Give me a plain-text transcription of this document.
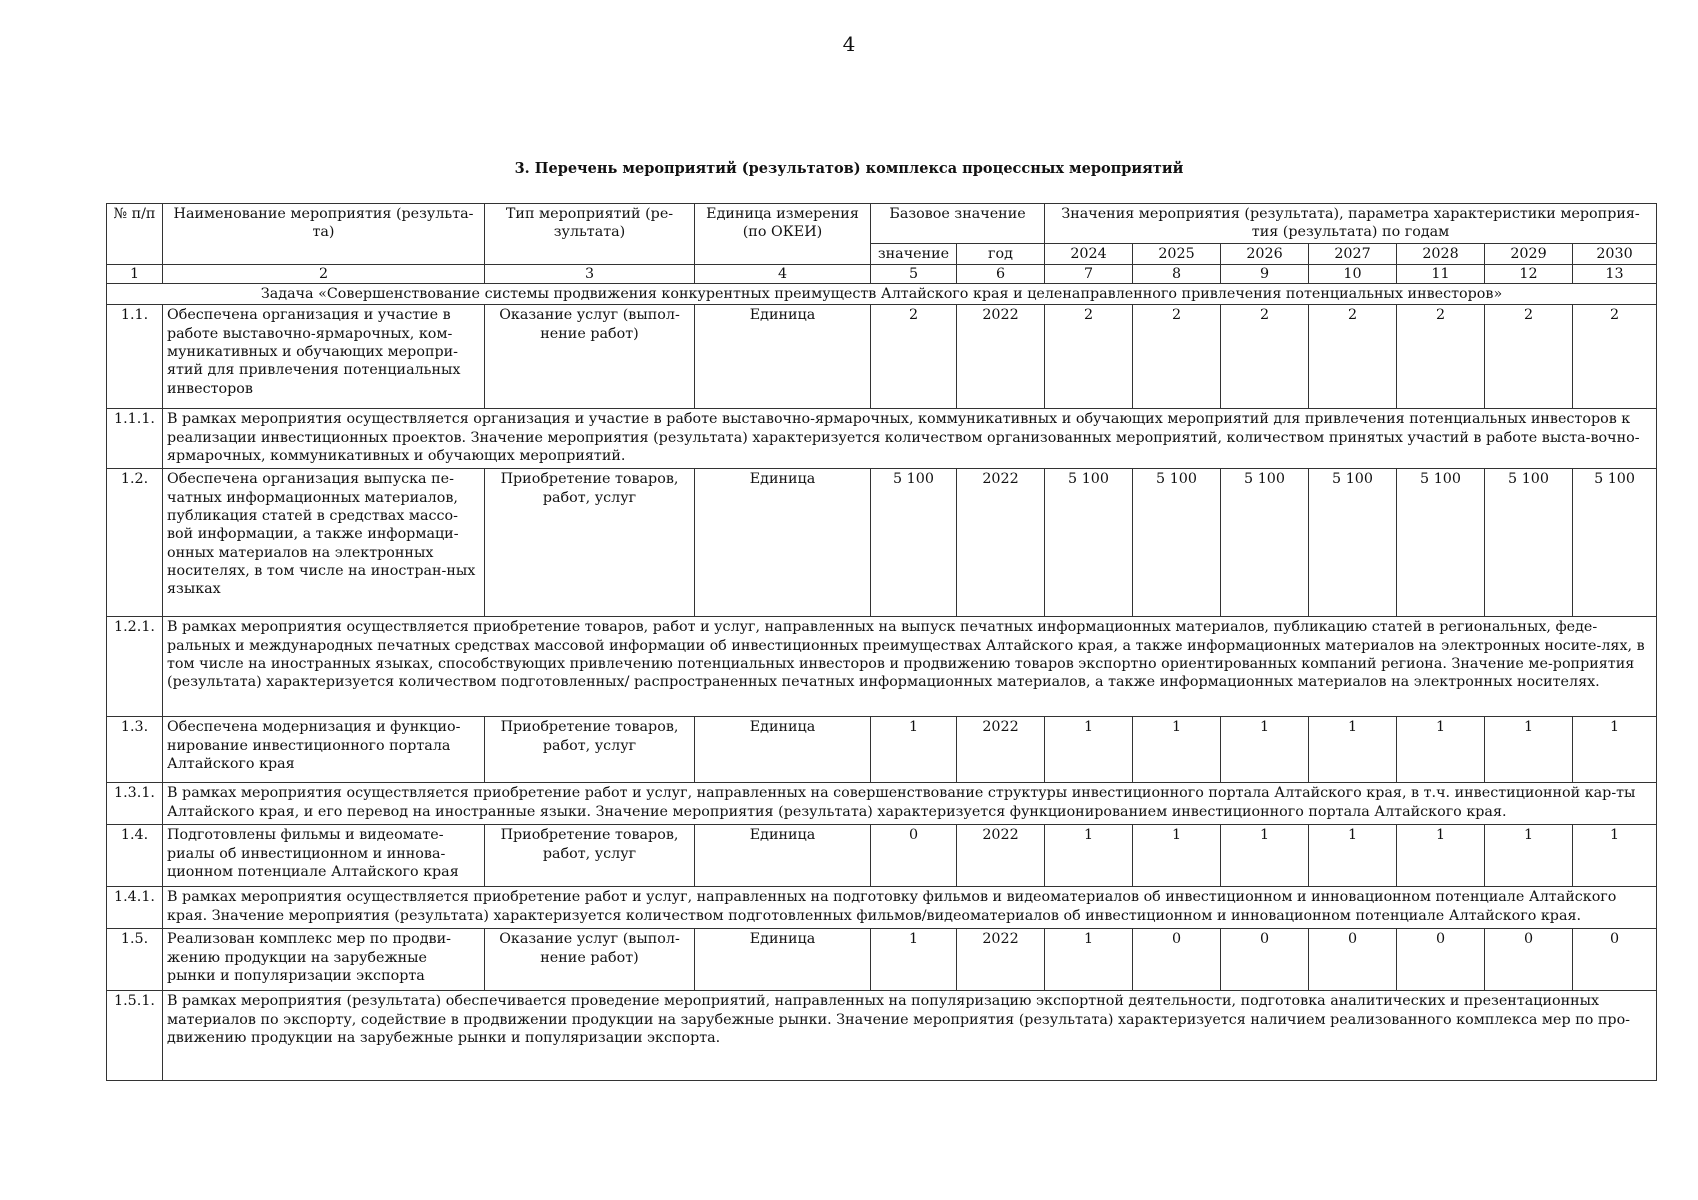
4
3. Перечень мероприятий (результатов) комплекса процессных мероприятий
№ п/п	Наименование мероприятия (результа-та)	Тип мероприятий (ре-зультата)	Единица измерения (по ОКЕИ)	Базовое значение		Значения мероприятия (результата), параметра характеристики мероприя-тия (результата) по годам						
				значение	год	2024	2025	2026	2027	2028	2029	2030
1	2	3	4	5	6	7	8	9	10	11	12	13
Задача «Совершенствование системы продвижения конкурентных преимуществ Алтайского края и целенаправленного привлечения потенциальных инвесторов»												
1.1.	Обеспечена организация и участие в работе выставочно-ярмарочных, ком-муникативных и обучающих меропри-ятий для привлечения потенциальных инвесторов	Оказание услуг (выпол-нение работ)	Единица	2	2022	2	2	2	2	2	2	2
1.1.1.	В рамках мероприятия осуществляется организация и участие в работе выставочно-ярмарочных, коммуникативных и обучающих мероприятий для привлечения потенциальных инвесторов к реализации инвестиционных проектов. Значение мероприятия (результата) характеризуется количеством организованных мероприятий, количеством принятых участий в работе выста-вочно-ярмарочных, коммуникативных и обучающих мероприятий.											
1.2.	Обеспечена организация выпуска пе-чатных информационных материалов, публикация статей в средствах массо-вой информации, а также информаци-онных материалов на электронных носителях, в том числе на иностран-ных языках	Приобретение товаров, работ, услуг	Единица	5 100	2022	5 100	5 100	5 100	5 100	5 100	5 100	5 100
1.2.1.	В рамках мероприятия осуществляется приобретение товаров, работ и услуг, направленных на выпуск печатных информационных материалов, публикацию статей в региональных, феде-ральных и международных печатных средствах массовой информации об инвестиционных преимуществах Алтайского края, а также информационных материалов на электронных носите-лях, в том числе на иностранных языках, способствующих привлечению потенциальных инвесторов и продвижению товаров экспортно ориентированных компаний региона. Значение ме-роприятия (результата) характеризуется количеством подготовленных/ распространенных печатных информационных материалов, а также информационных материалов на электронных носителях.											
1.3.	Обеспечена модернизация и функцио-нирование инвестиционного портала Алтайского края	Приобретение товаров, работ, услуг	Единица	1	2022	1	1	1	1	1	1	1
1.3.1.	В рамках мероприятия осуществляется приобретение работ и услуг, направленных на совершенствование структуры инвестиционного портала Алтайского края, в т.ч. инвестиционной кар-ты Алтайского края, и его перевод на иностранные языки. Значение мероприятия (результата) характеризуется функционированием инвестиционного портала Алтайского края.											
1.4.	Подготовлены фильмы и видеомате-риалы об инвестиционном и иннова-ционном потенциале Алтайского края	Приобретение товаров, работ, услуг	Единица	0	2022	1	1	1	1	1	1	1
1.4.1.	В рамках мероприятия осуществляется приобретение работ и услуг, направленных на подготовку фильмов и видеоматериалов об инвестиционном и инновационном потенциале Алтайского края. Значение мероприятия (результата) характеризуется количеством подготовленных фильмов/видеоматериалов об инвестиционном и инновационном потенциале Алтайского края.											
1.5.	Реализован комплекс мер по продви-жению продукции на зарубежные рынки и популяризации экспорта	Оказание услуг (выпол-нение работ)	Единица	1	2022	1	0	0	0	0	0	0
1.5.1.	В рамках мероприятия (результата) обеспечивается проведение мероприятий, направленных на популяризацию экспортной деятельности, подготовка аналитических и презентационных материалов по экспорту, содействие в продвижении продукции на зарубежные рынки. Значение мероприятия (результата) характеризуется наличием реализованного комплекса мер по про-движению продукции на зарубежные рынки и популяризации экспорта.											
